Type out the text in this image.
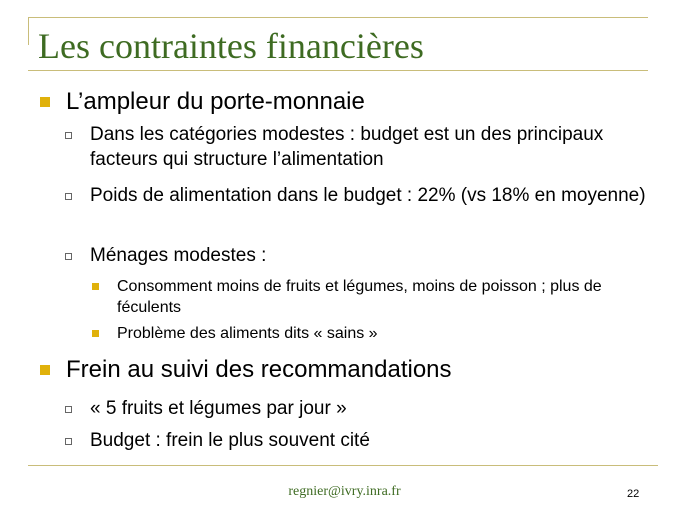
Les contraintes financières
L’ampleur du porte-monnaie
Dans les catégories modestes : budget est un des principaux facteurs qui structure l’alimentation
Poids de alimentation dans le budget : 22% (vs 18% en moyenne)
Ménages modestes :
Consomment moins de fruits et légumes, moins de poisson ; plus de féculents
Problème des aliments dits « sains »
Frein au suivi des recommandations
« 5 fruits et légumes par jour »
Budget : frein le plus souvent cité
regnier@ivry.inra.fr	22
